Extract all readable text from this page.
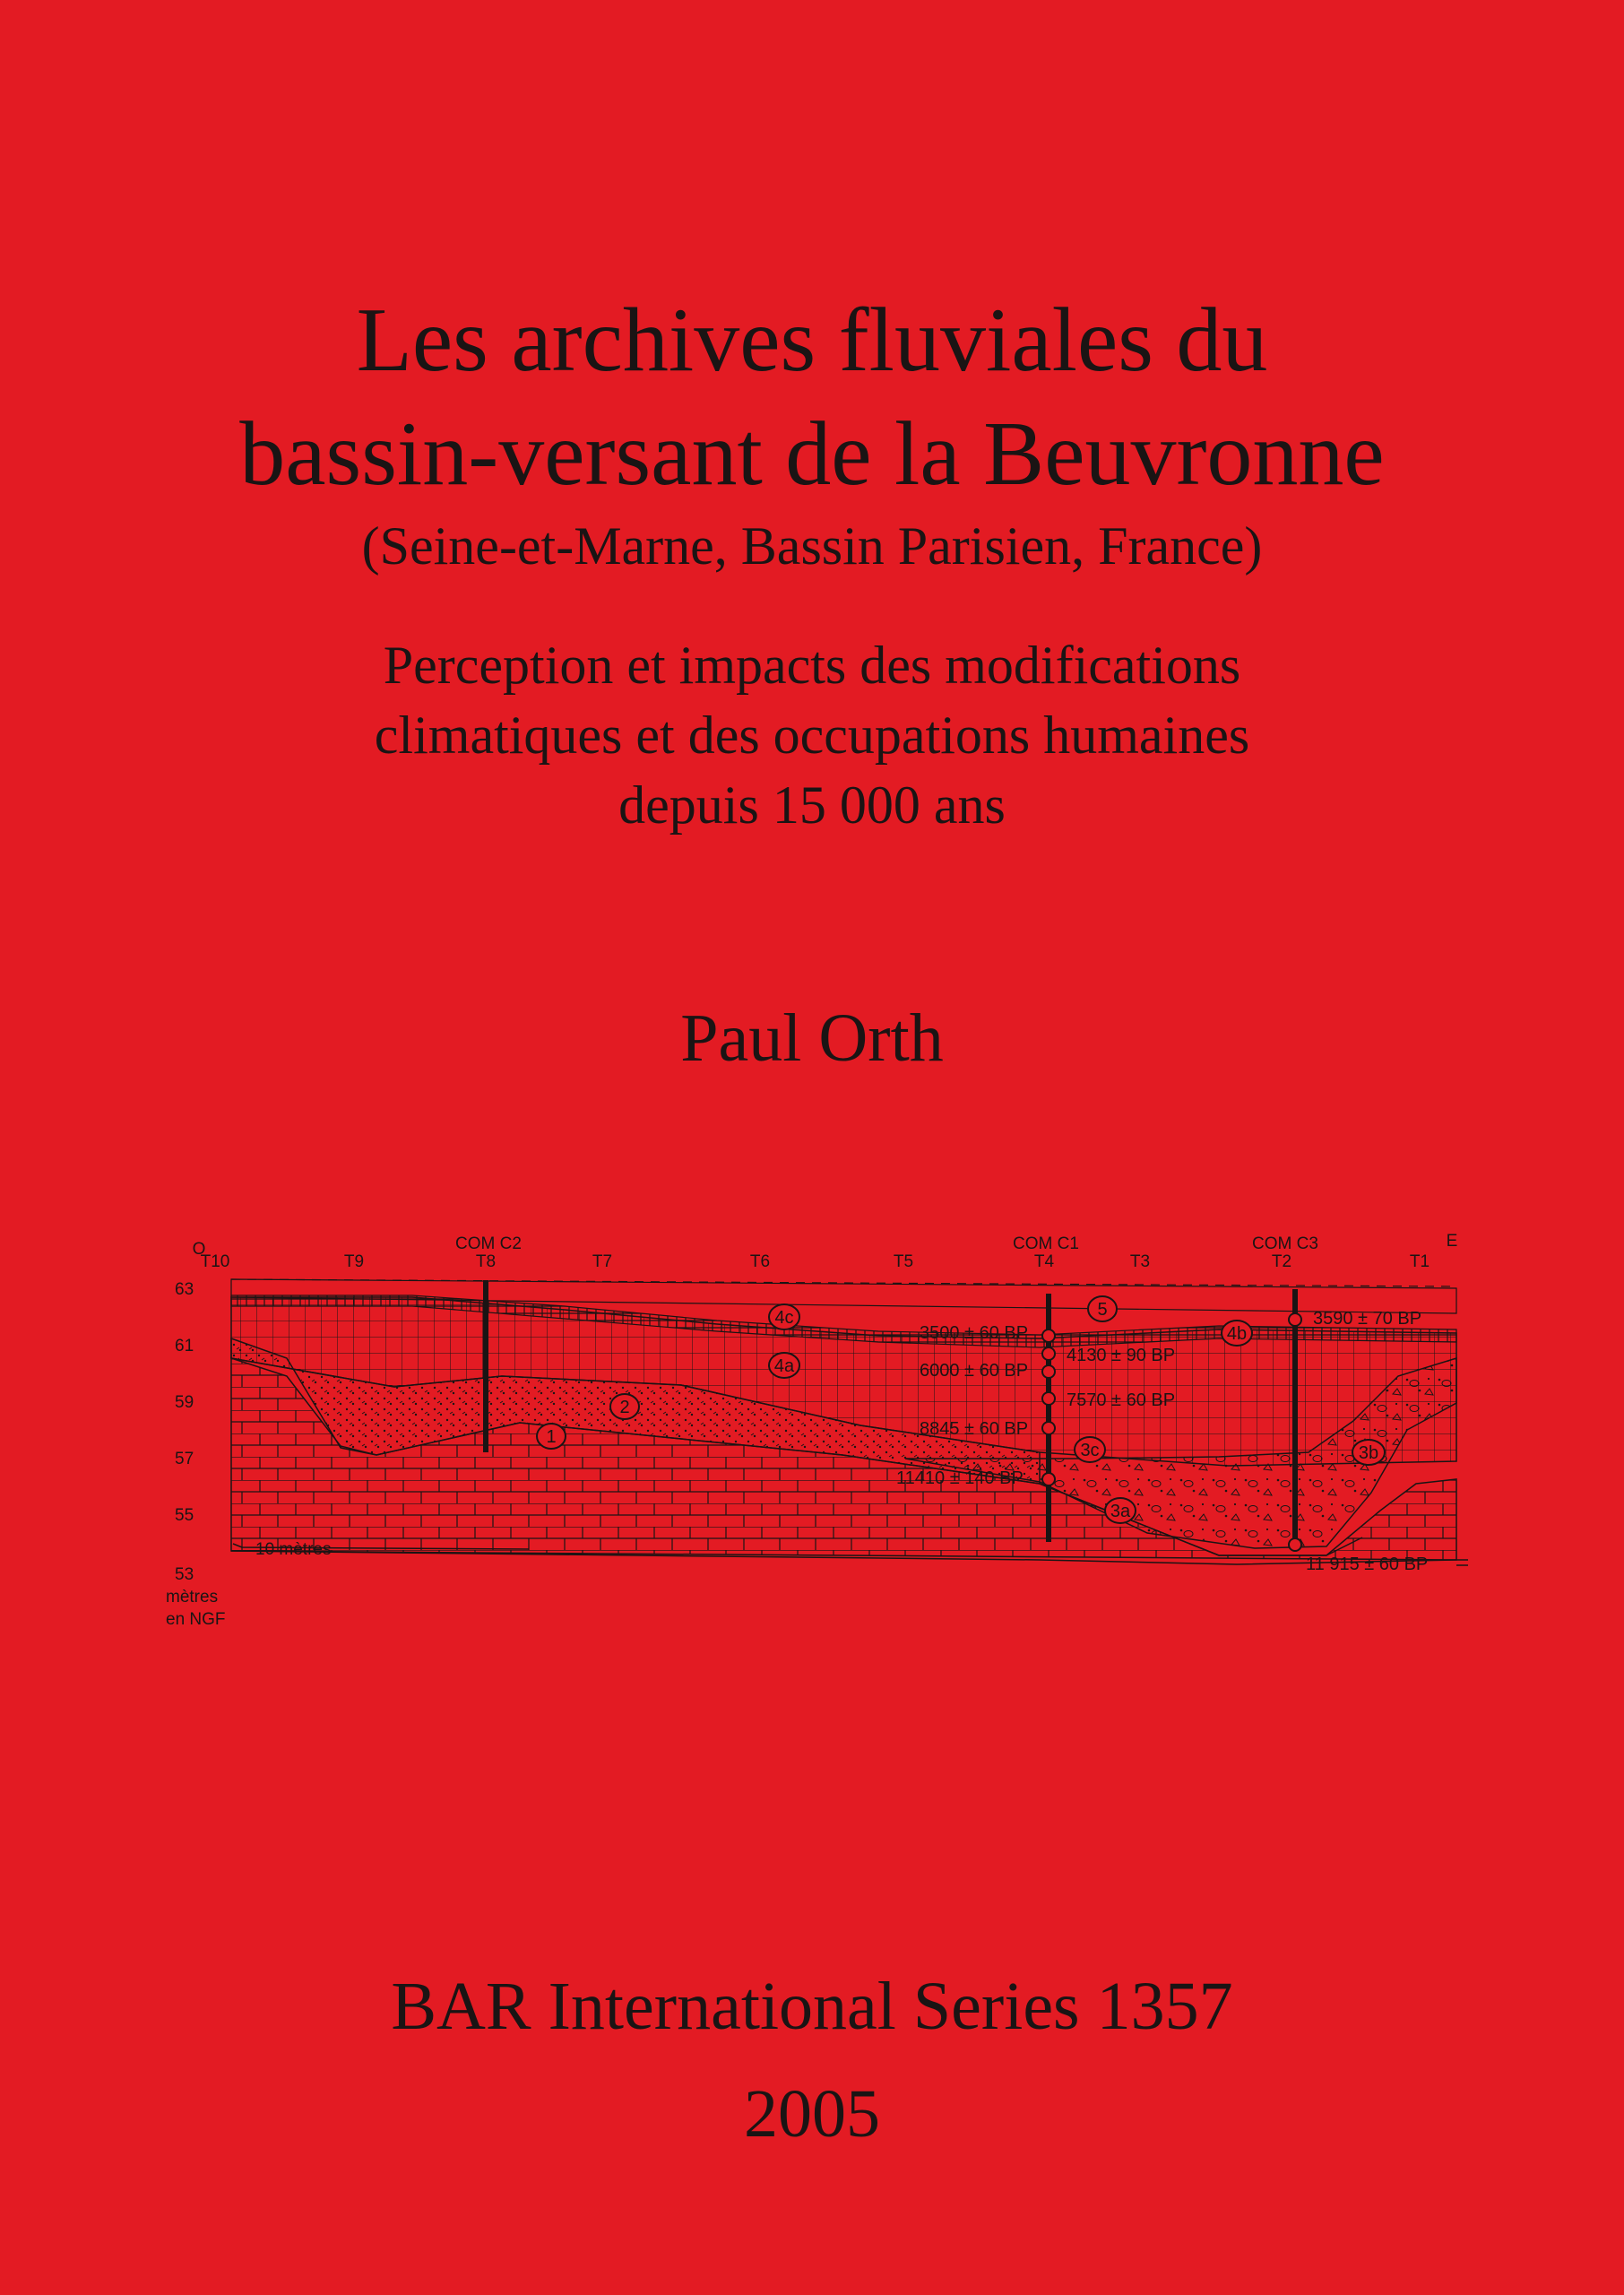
Les archives fluviales du
bassin-versant de la Beuvronne
(Seine-et-Marne, Bassin Parisien, France)
Perception et impacts des modifications
climatiques et des occupations humaines
depuis 15 000 ans
Paul Orth
O	E
T10	T9	T8	T7	T6	T5	T4	T3	T2	T1
COM C2	COM C1	COM C3
63
61
59
57
55
53
mètres
en NGF
1
2
3a
3b
3c
4a
4b
4c	5
3500 ± 60 BP
6000 ± 60 BP
8845 ± 60 BP
11410 ± 140 BP
4130 ± 90 BP
7570 ± 60 BP
3590 ± 70 BP
11 915 ± 60 BP
10 mètres
BAR International Series 1357
2005
